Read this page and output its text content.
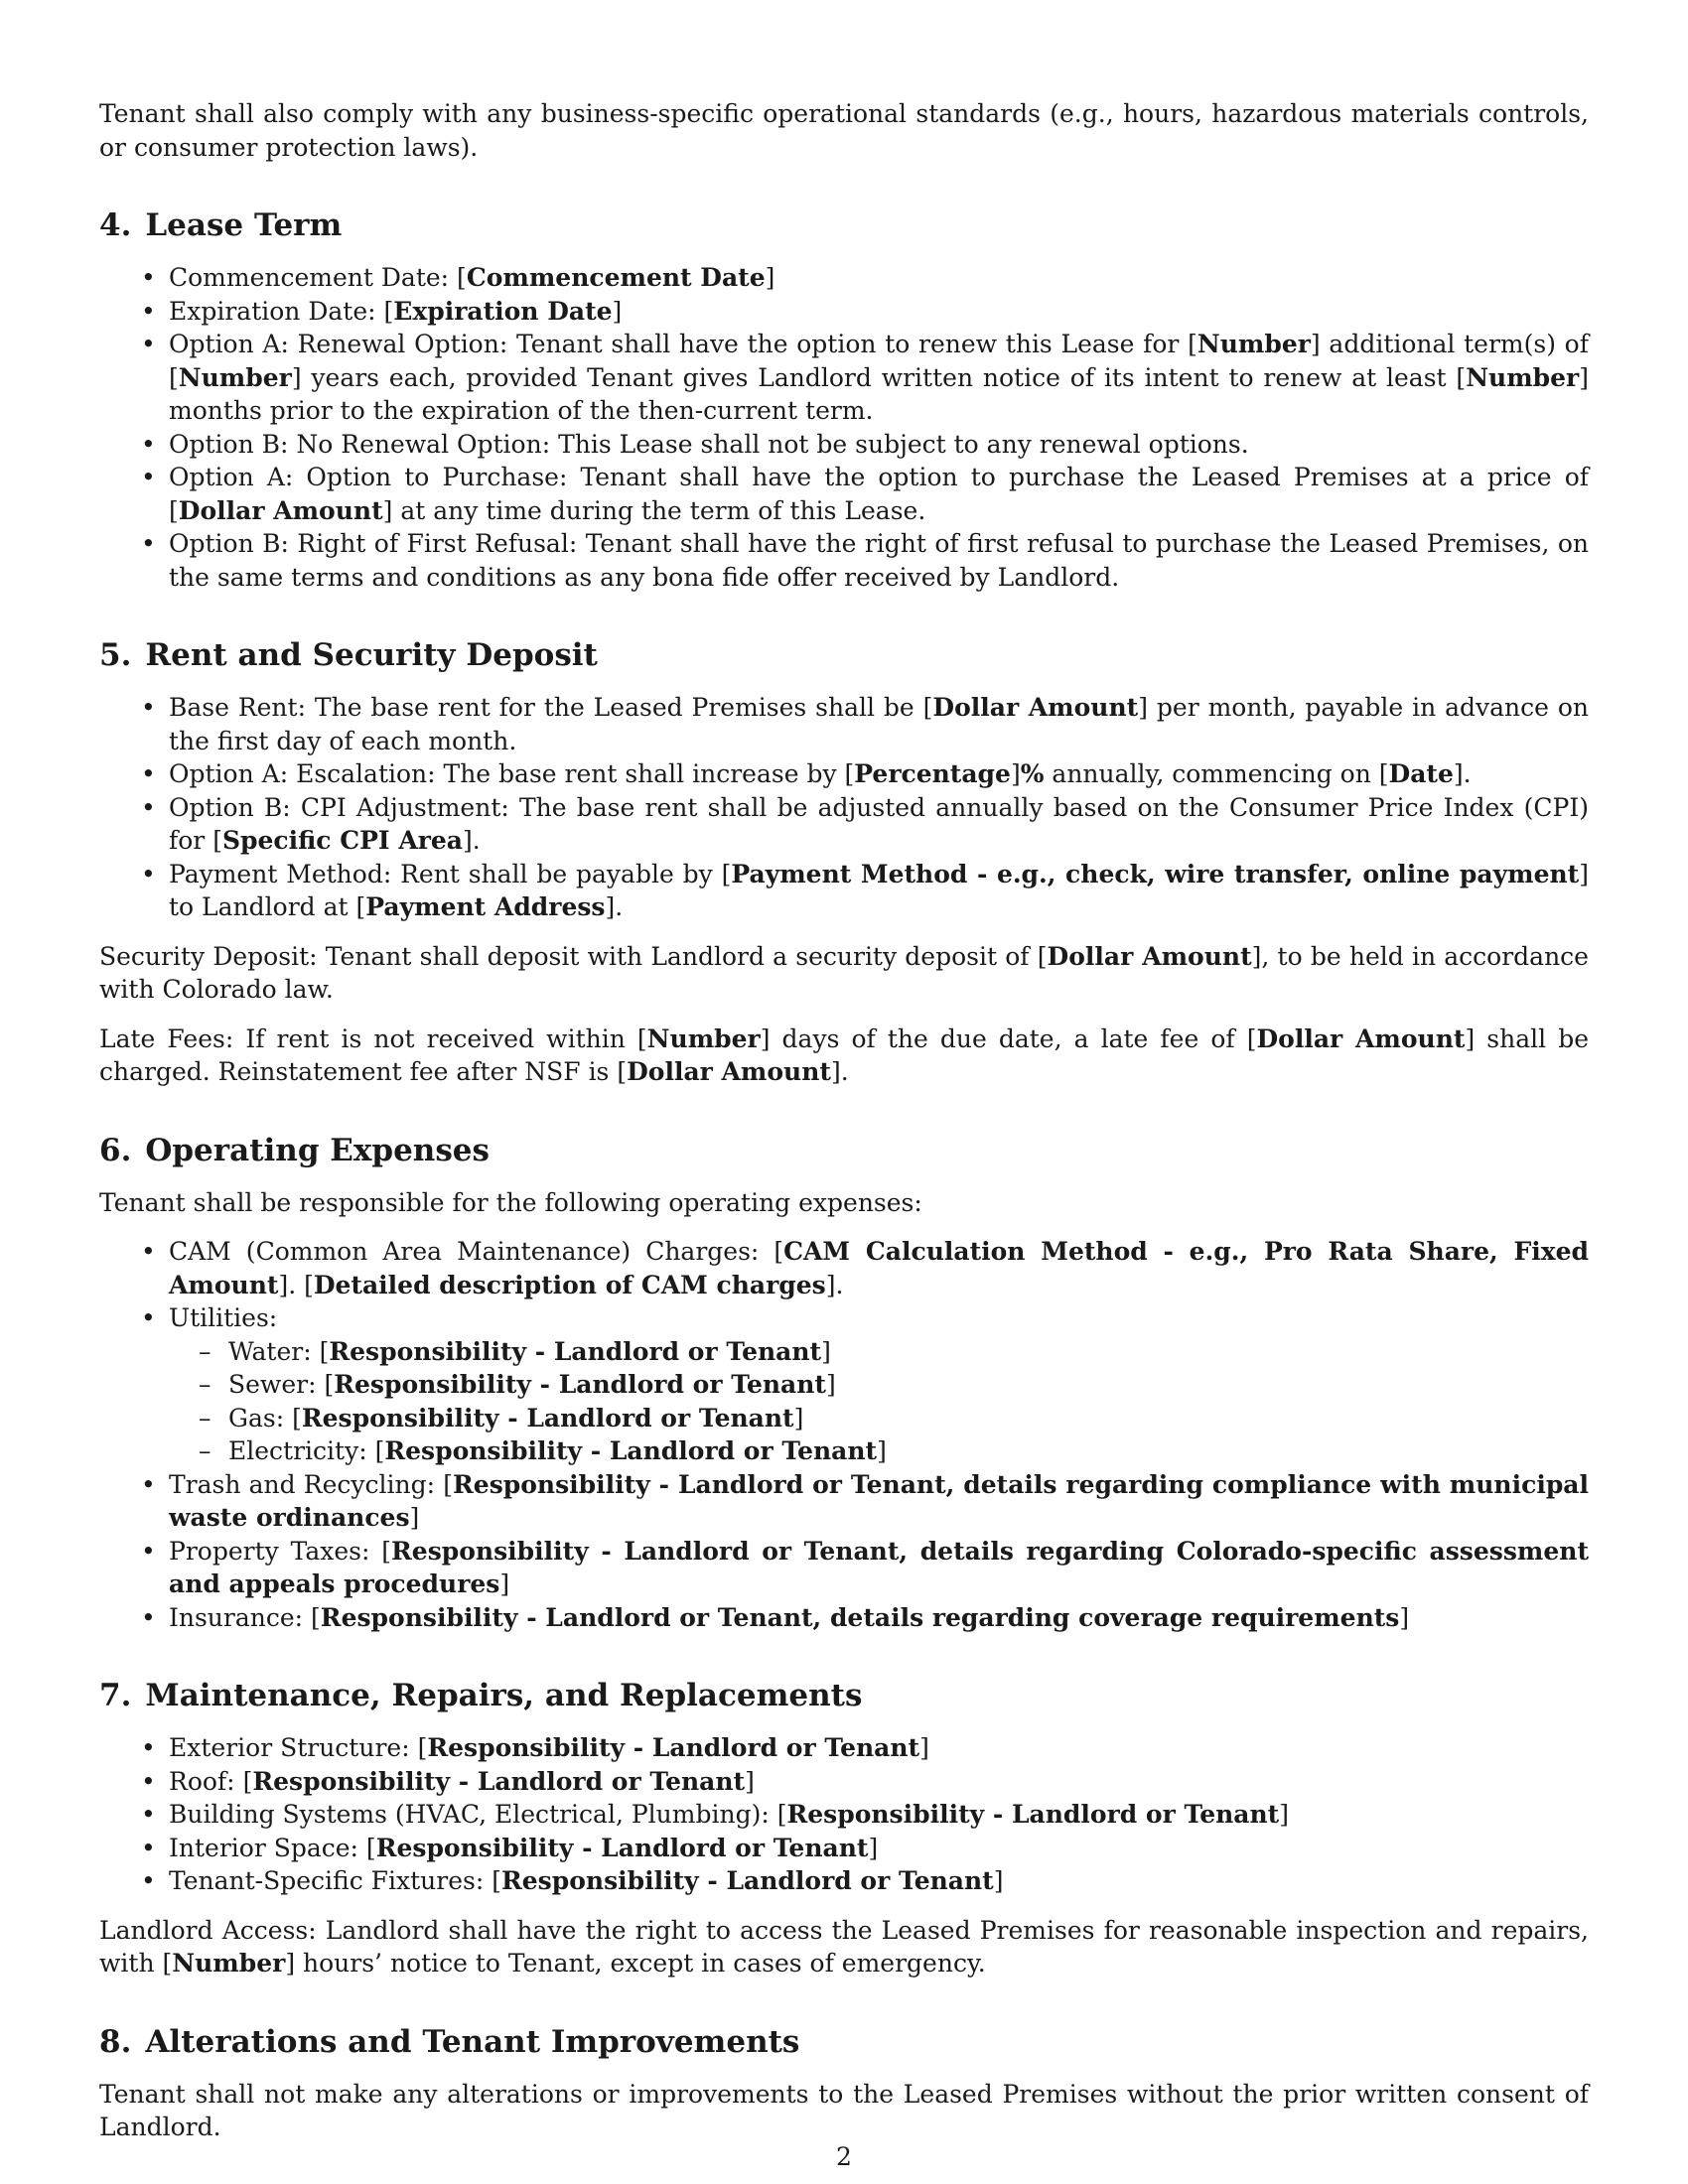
Tenant shall also comply with any business-specific operational standards (e.g., hours, hazardous materials controls, or consumer protection laws).

4. Lease Term
• Commencement Date: [Commencement Date]
• Expiration Date: [Expiration Date]
• Option A: Renewal Option: Tenant shall have the option to renew this Lease for [Number] additional term(s) of [Number] years each, provided Tenant gives Landlord written notice of its intent to renew at least [Number] months prior to the expiration of the then-current term.
• Option B: No Renewal Option: This Lease shall not be subject to any renewal options.
• Option A: Option to Purchase: Tenant shall have the option to purchase the Leased Premises at a price of [Dollar Amount] at any time during the term of this Lease.
• Option B: Right of First Refusal: Tenant shall have the right of first refusal to purchase the Leased Premises, on the same terms and conditions as any bona fide offer received by Landlord.
5. Rent and Security Deposit
• Base Rent: The base rent for the Leased Premises shall be [Dollar Amount] per month, payable in advance on the first day of each month.
• Option A: Escalation: The base rent shall increase by [Percentage]% annually, commencing on [Date].
• Option B: CPI Adjustment: The base rent shall be adjusted annually based on the Consumer Price Index (CPI) for [Specific CPI Area].
• Payment Method: Rent shall be payable by [Payment Method - e.g., check, wire transfer, online payment] to Landlord at [Payment Address].

Security Deposit: Tenant shall deposit with Landlord a security deposit of [Dollar Amount], to be held in accordance with Colorado law.

Late Fees: If rent is not received within [Number] days of the due date, a late fee of [Dollar Amount] shall be charged. Reinstatement fee after NSF is [Dollar Amount].

6. Operating Expenses

Tenant shall be responsible for the following operating expenses:

• CAM (Common Area Maintenance) Charges: [CAM Calculation Method - e.g., Pro Rata Share, Fixed Amount]. [Detailed description of CAM charges].
• Utilities:
– Water: [Responsibility - Landlord or Tenant]
– Sewer: [Responsibility - Landlord or Tenant]
– Gas: [Responsibility - Landlord or Tenant]
– Electricity: [Responsibility - Landlord or Tenant]
• Trash and Recycling: [Responsibility - Landlord or Tenant, details regarding compliance with municipal waste ordinances]
• Property Taxes: [Responsibility - Landlord or Tenant, details regarding Colorado-specific assessment and appeals procedures]
• Insurance: [Responsibility - Landlord or Tenant, details regarding coverage requirements]
7. Maintenance, Repairs, and Replacements
• Exterior Structure: [Responsibility - Landlord or Tenant]
• Roof: [Responsibility - Landlord or Tenant]
• Building Systems (HVAC, Electrical, Plumbing): [Responsibility - Landlord or Tenant]
• Interior Space: [Responsibility - Landlord or Tenant]
• Tenant-Specific Fixtures: [Responsibility - Landlord or Tenant]

Landlord Access: Landlord shall have the right to access the Leased Premises for reasonable inspection and repairs, with [Number] hours’ notice to Tenant, except in cases of emergency.

8. Alterations and Tenant Improvements

Tenant shall not make any alterations or improvements to the Leased Premises without the prior written consent of Landlord.

2
